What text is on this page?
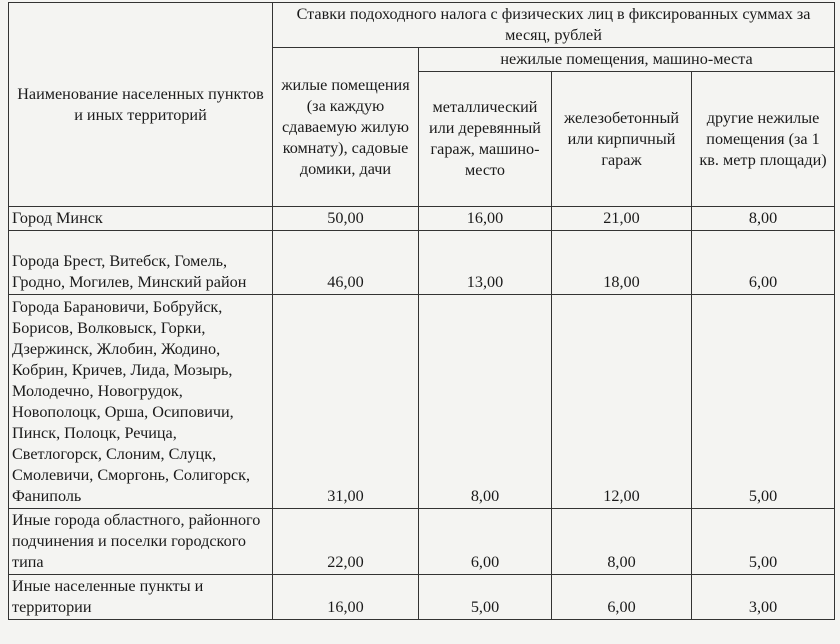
Наименование населенных пунктов и иных территорий	Ставки подоходного налога с физических лиц в фиксированных суммах за месяц, рублей			

	жилые помещения (за каждую сдаваемую жилую комнату), садовые домики, дачи	нежилые помещения, машино-места		

		металлический или деревянный гараж, машино-место	железобетонный или кирпичный гараж	другие нежилые помещения (за 1 кв. метр площади)

Город Минск	50,00	16,00	21,00	8,00
Города Брест, Витебск, Гомель, Гродно, Могилев, Минский район	46,00	13,00	18,00	6,00
Города Барановичи, Бобруйск, Борисов, Волковыск, Горки, Дзержинск, Жлобин, Жодино, Кобрин, Кричев, Лида, Мозырь, Молодечно, Новогрудок, Новополоцк, Орша, Осиповичи, Пинск, Полоцк, Речица, Светлогорск, Слоним, Слуцк, Смолевичи, Сморгонь, Солигорск, Фаниполь	31,00	8,00	12,00	5,00
Иные города областного, районного подчинения и поселки городского типа	22,00	6,00	8,00	5,00
Иные населенные пункты и территории	16,00	5,00	6,00	3,00
